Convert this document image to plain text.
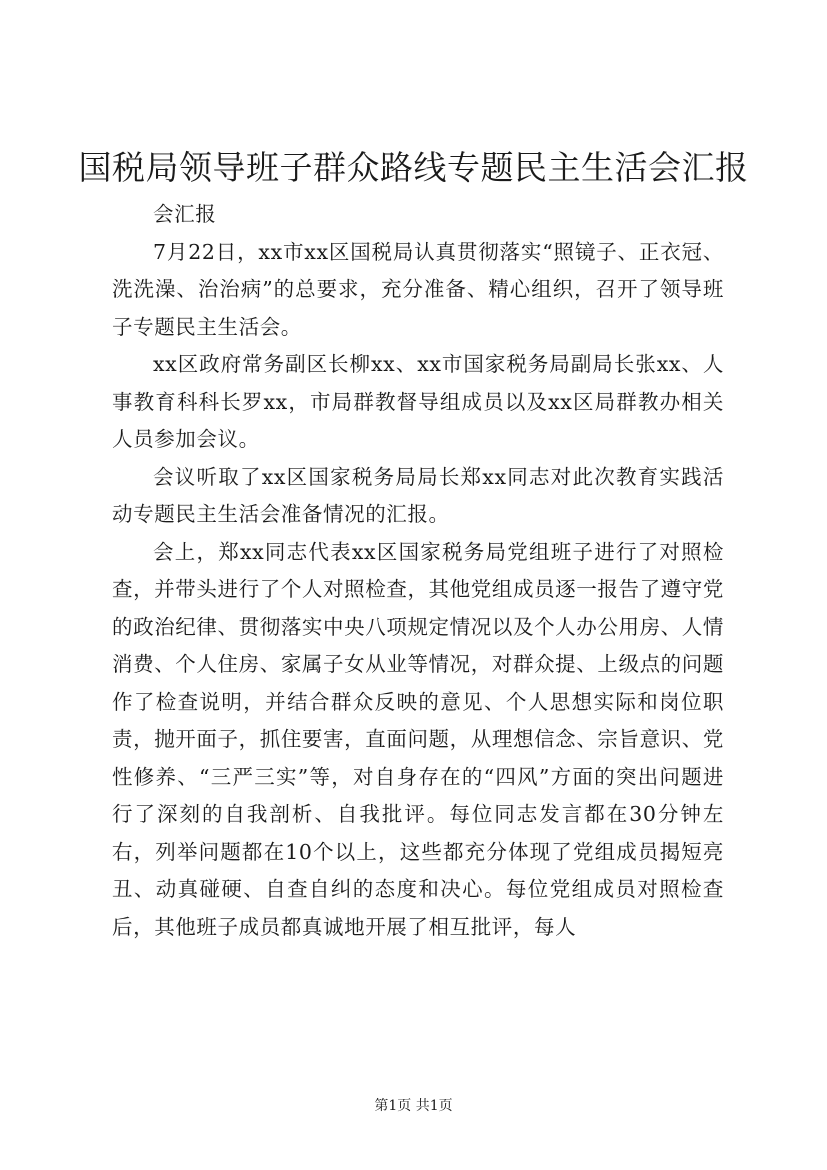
国税局领导班子群众路线专题民主生活会汇报

会汇报

7月22日，xx市xx区国税局认真贯彻落实“照镜子、正衣冠、洗洗澡、治治病”的总要求，充分准备、精心组织，召开了领导班子专题民主生活会。

xx区政府常务副区长柳xx、xx市国家税务局副局长张xx、人事教育科科长罗xx，市局群教督导组成员以及xx区局群教办相关人员参加会议。

会议听取了xx区国家税务局局长郑xx同志对此次教育实践活动专题民主生活会准备情况的汇报。

会上，郑xx同志代表xx区国家税务局党组班子进行了对照检查，并带头进行了个人对照检查，其他党组成员逐一报告了遵守党的政治纪律、贯彻落实中央八项规定情况以及个人办公用房、人情消费、个人住房、家属子女从业等情况，对群众提、上级点的问题作了检查说明，并结合群众反映的意见、个人思想实际和岗位职责，抛开面子，抓住要害，直面问题，从理想信念、宗旨意识、党性修养、“三严三实”等，对自身存在的“四风”方面的突出问题进行了深刻的自我剖析、自我批评。每位同志发言都在30分钟左右，列举问题都在10个以上，这些都充分体现了党组成员揭短亮丑、动真碰硬、自查自纠的态度和决心。每位党组成员对照检查后，其他班子成员都真诚地开展了相互批评，每人

第1页 共1页
